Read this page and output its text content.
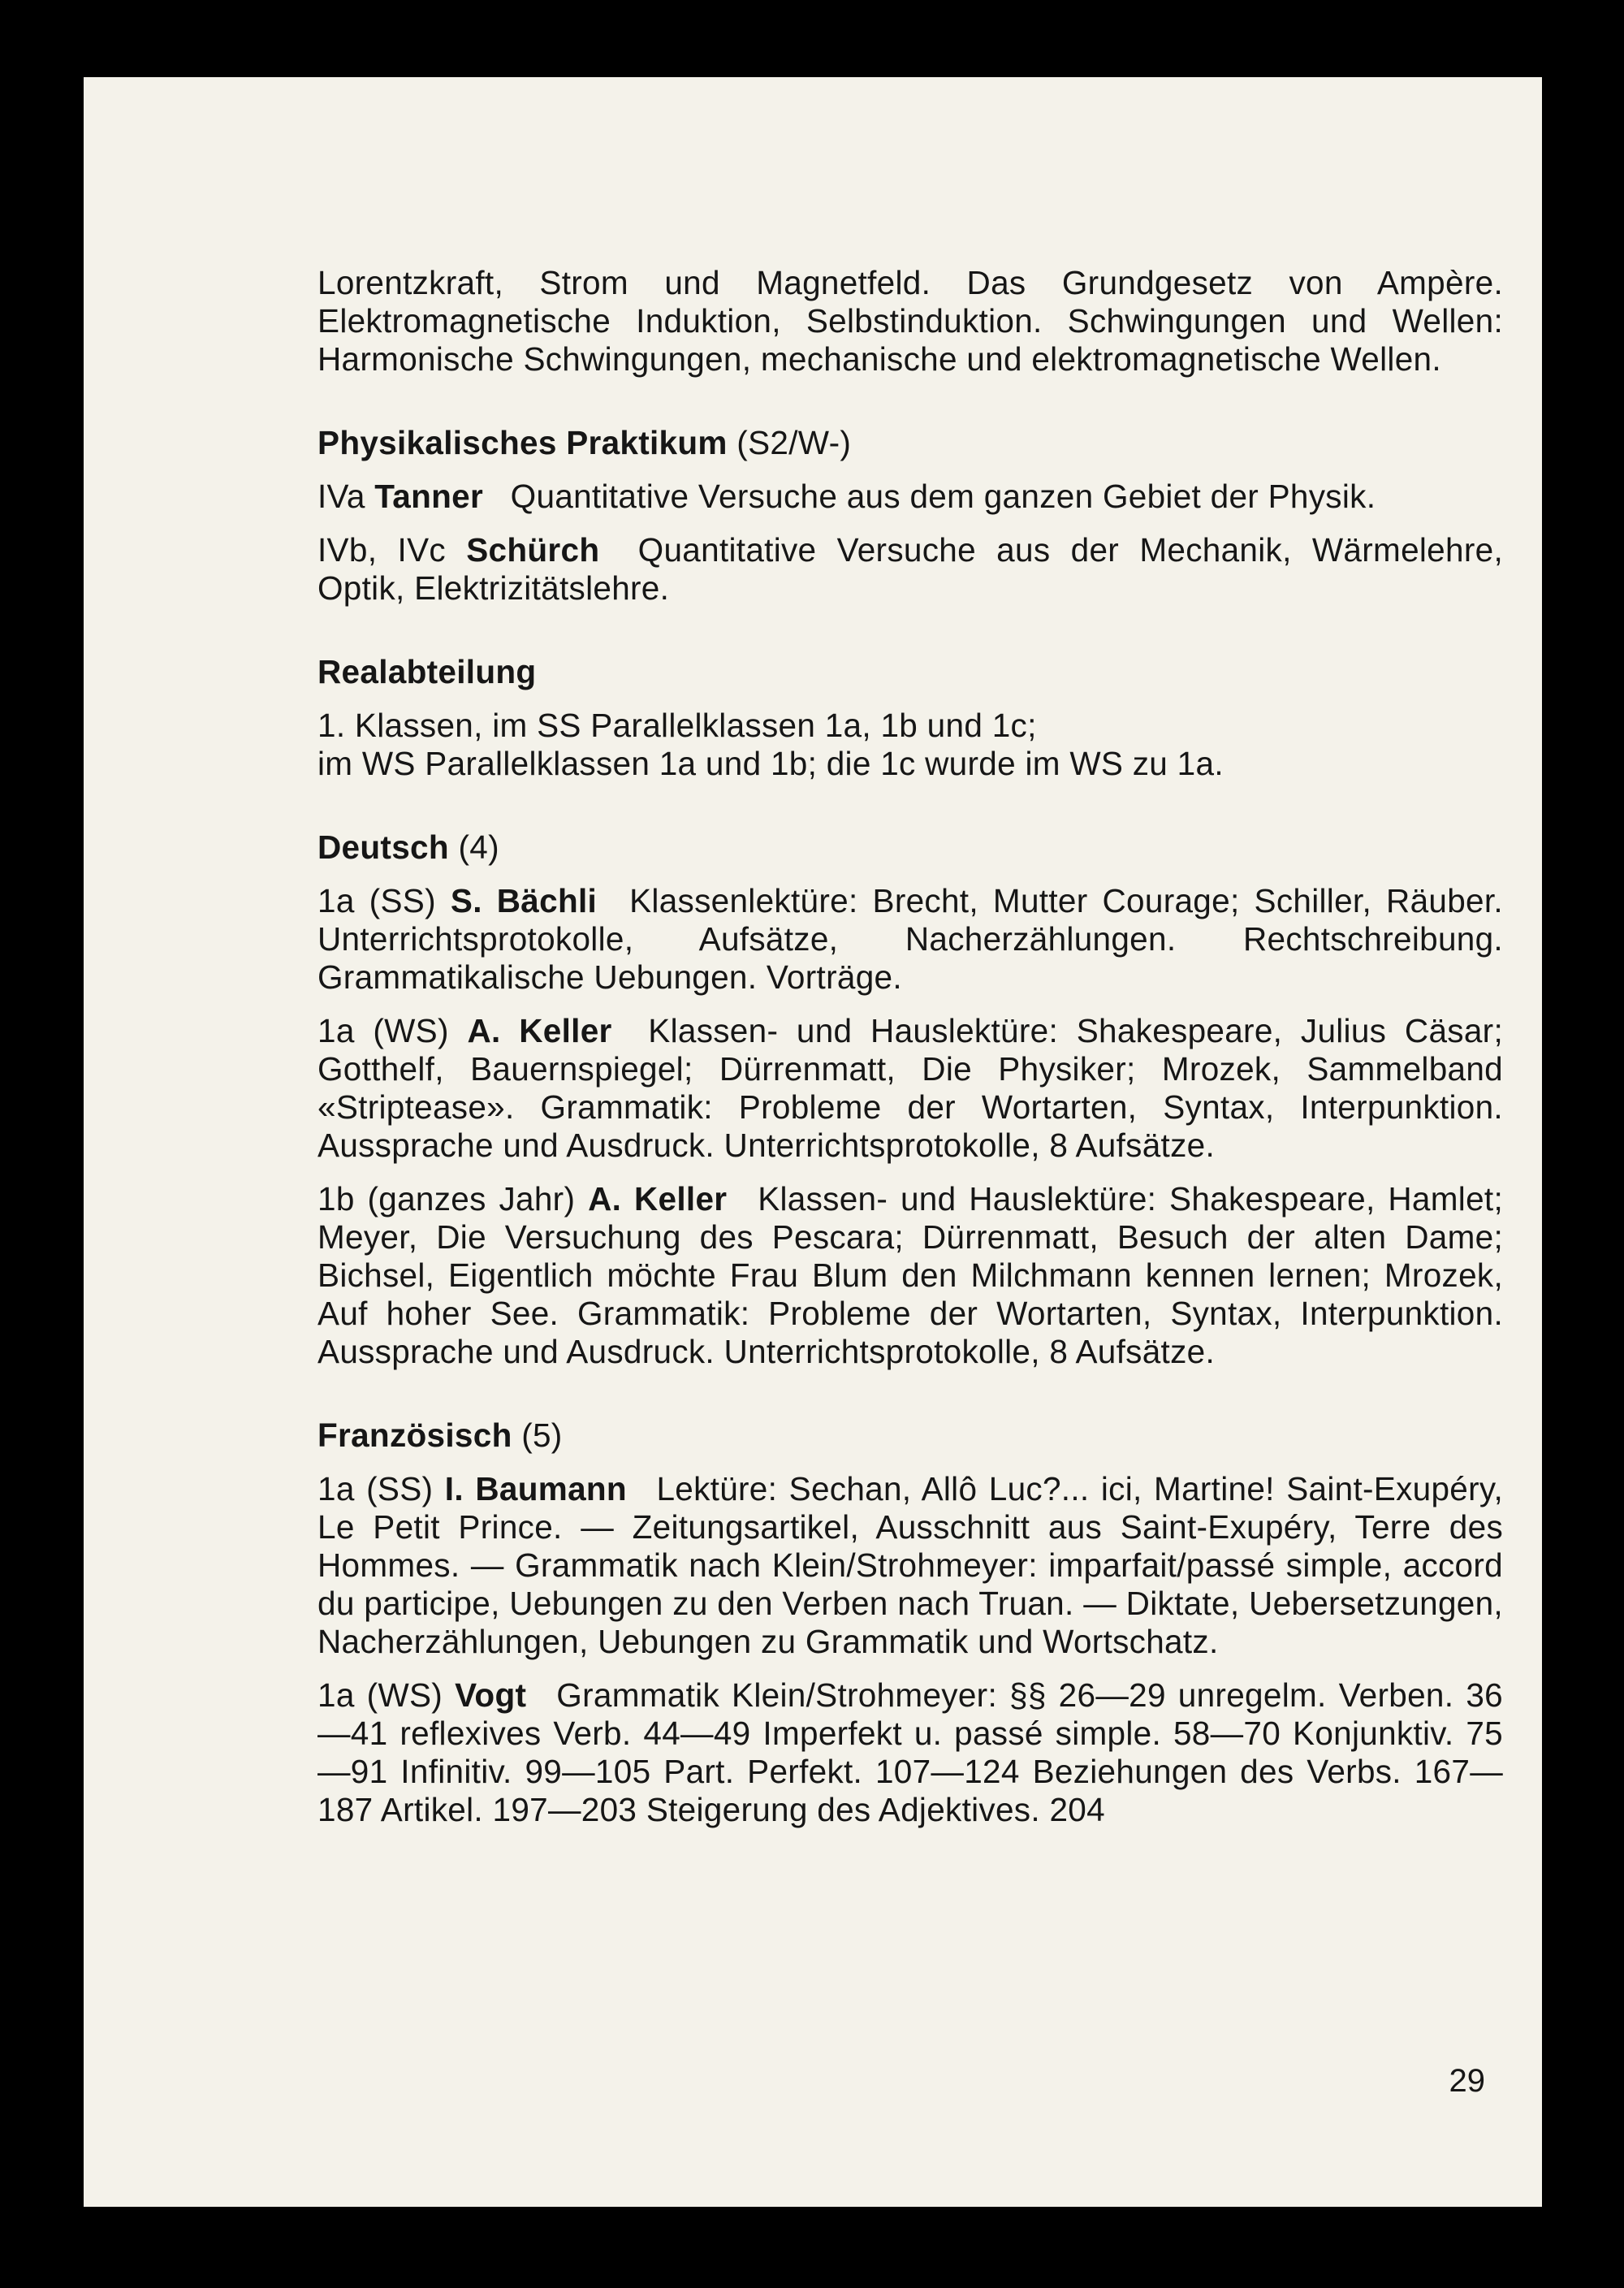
Lorentzkraft, Strom und Magnetfeld. Das Grundgesetz von Ampère. Elektromagnetische Induktion, Selbstinduktion. Schwingungen und Wellen: Harmonische Schwingungen, mechanische und elektromagnetische Wellen.

Physikalisches Praktikum (S2/W-)

IVa Tanner Quantitative Versuche aus dem ganzen Gebiet der Physik.

IVb, IVc Schürch Quantitative Versuche aus der Mechanik, Wärmelehre, Optik, Elektrizitätslehre.

Realabteilung

1. Klassen, im SS Parallelklassen 1a, 1b und 1c;

im WS Parallelklassen 1a und 1b; die 1c wurde im WS zu 1a.

Deutsch (4)

1a (SS) S. Bächli Klassenlektüre: Brecht, Mutter Courage; Schiller, Räuber. Unterrichtsprotokolle, Aufsätze, Nacherzählungen. Rechtschreibung. Grammatikalische Uebungen. Vorträge.

1a (WS) A. Keller Klassen- und Hauslektüre: Shakespeare, Julius Cäsar; Gotthelf, Bauernspiegel; Dürrenmatt, Die Physiker; Mrozek, Sammelband «Striptease». Grammatik: Probleme der Wortarten, Syntax, Interpunktion. Aussprache und Ausdruck. Unterrichtsprotokolle, 8 Aufsätze.

1b (ganzes Jahr) A. Keller Klassen- und Hauslektüre: Shakespeare, Hamlet; Meyer, Die Versuchung des Pescara; Dürrenmatt, Besuch der alten Dame; Bichsel, Eigentlich möchte Frau Blum den Milchmann kennen lernen; Mrozek, Auf hoher See. Grammatik: Probleme der Wortarten, Syntax, Interpunktion. Aussprache und Ausdruck. Unterrichtsprotokolle, 8 Aufsätze.

Französisch (5)

1a (SS) I. Baumann Lektüre: Sechan, Allô Luc?... ici, Martine! Saint-Exupéry, Le Petit Prince. — Zeitungsartikel, Ausschnitt aus Saint-Exupéry, Terre des Hommes. — Grammatik nach Klein/Strohmeyer: imparfait/passé simple, accord du participe, Uebungen zu den Verben nach Truan. — Diktate, Uebersetzungen, Nacherzählungen, Uebungen zu Grammatik und Wortschatz.

1a (WS) Vogt Grammatik Klein/Strohmeyer: §§ 26—29 unregelm. Verben. 36—41 reflexives Verb. 44—49 Imperfekt u. passé simple. 58—70 Konjunktiv. 75—91 Infinitiv. 99—105 Part. Perfekt. 107—124 Beziehungen des Verbs. 167—187 Artikel. 197—203 Steigerung des Adjektives. 204

29
